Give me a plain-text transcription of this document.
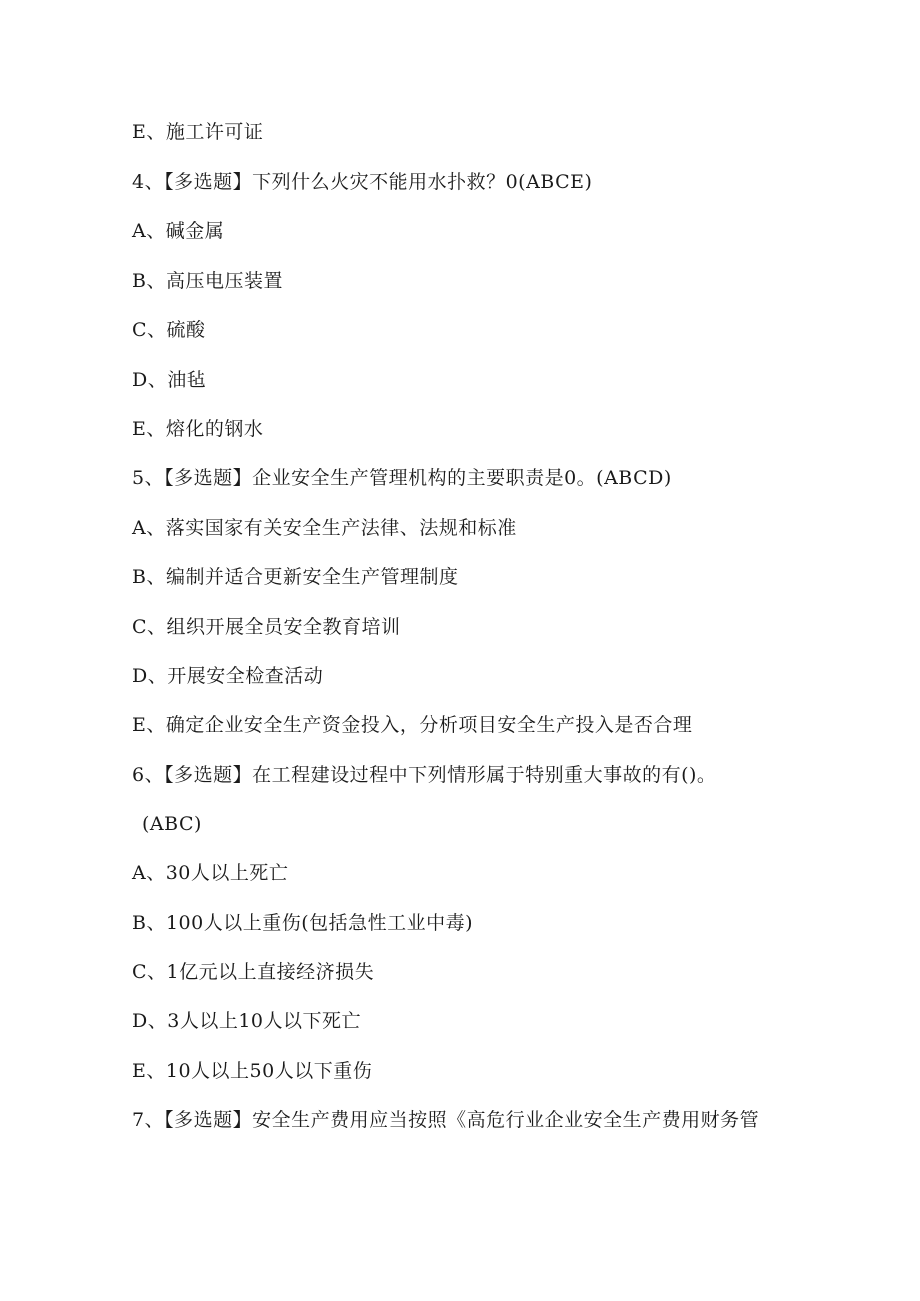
E、施工许可证
4、【多选题】下列什么火灾不能用水扑救？0(ABCE)
A、碱金属
B、高压电压装置
C、硫酸
D、油毡
E、熔化的钢水
5、【多选题】企业安全生产管理机构的主要职责是0。(ABCD)
A、落实国家有关安全生产法律、法规和标准
B、编制并适合更新安全生产管理制度
C、组织开展全员安全教育培训
D、开展安全检查活动
E、确定企业安全生产资金投入，分析项目安全生产投入是否合理
6、【多选题】在工程建设过程中下列情形属于特别重大事故的有()。
(ABC)
A、30人以上死亡
B、100人以上重伤(包括急性工业中毒)
C、1亿元以上直接经济损失
D、3人以上10人以下死亡
E、10人以上50人以下重伤
7、【多选题】安全生产费用应当按照《高危行业企业安全生产费用财务管
